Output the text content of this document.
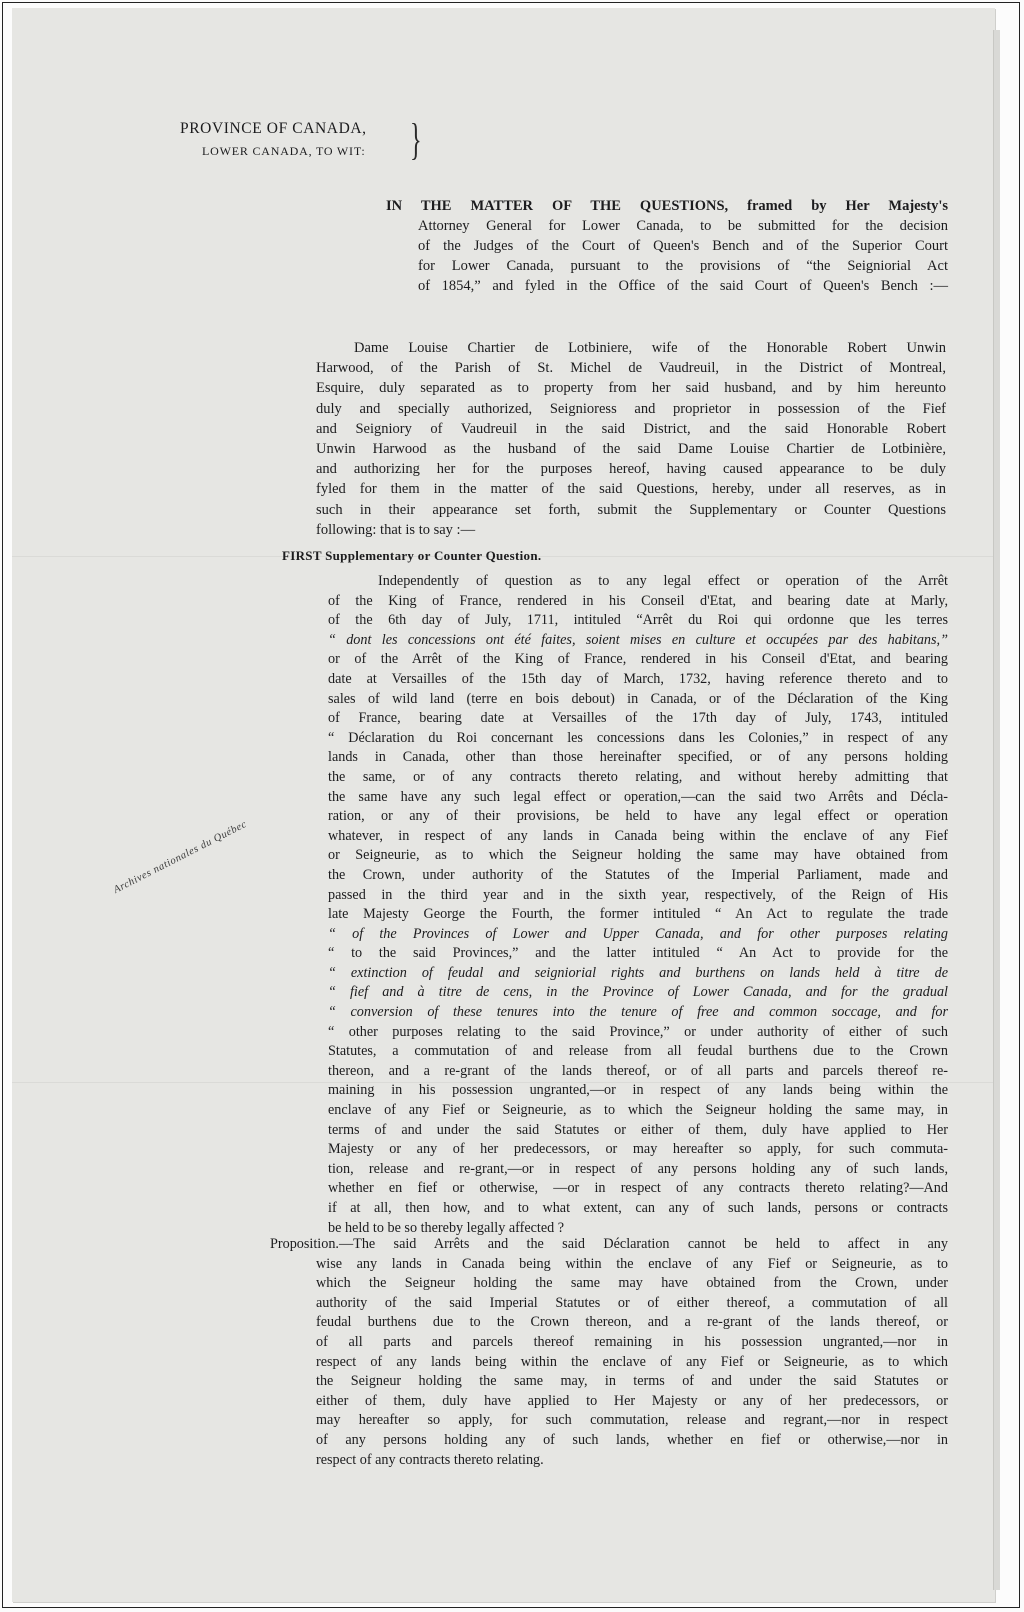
PROVINCE OF CANADA,
LOWER CANADA, TO WIT: }
IN THE MATTER OF THE QUESTIONS, framed by Her Majesty's
Attorney General for Lower Canada, to be submitted for the decision
of the Judges of the Court of Queen's Bench and of the Superior Court
for Lower Canada, pursuant to the provisions of “the Seigniorial Act
of 1854,” and fyled in the Office of the said Court of Queen's Bench :—
Dame Louise Chartier de Lotbiniere, wife of the Honorable Robert Unwin
Harwood, of the Parish of St. Michel de Vaudreuil, in the District of Montreal,
Esquire, duly separated as to property from her said husband, and by him hereunto
duly and specially authorized, Seignioress and proprietor in possession of the Fief
and Seigniory of Vaudreuil in the said District, and the said Honorable Robert
Unwin Harwood as the husband of the said Dame Louise Chartier de Lotbinière,
and authorizing her for the purposes hereof, having caused appearance to be duly
fyled for them in the matter of the said Questions, hereby, under all reserves, as in
such in their appearance set forth, submit the Supplementary or Counter Questions
following: that is to say :—
FIRST Supplementary or Counter Question.
Independently of question as to any legal effect or operation of the Arrêt
of the King of France, rendered in his Conseil d'Etat, and bearing date at Marly,
of the 6th day of July, 1711, intituled “Arrêt du Roi qui ordonne que les terres
“ dont les concessions ont été faites, soient mises en culture et occupées par des habitans,”
or of the Arrêt of the King of France, rendered in his Conseil d'Etat, and bearing
date at Versailles of the 15th day of March, 1732, having reference thereto and to
sales of wild land (terre en bois debout) in Canada, or of the Déclaration of the King
of France, bearing date at Versailles of the 17th day of July, 1743, intituled
“ Déclaration du Roi concernant les concessions dans les Colonies,” in respect of any
lands in Canada, other than those hereinafter specified, or of any persons holding
the same, or of any contracts thereto relating, and without hereby admitting that
the same have any such legal effect or operation,—can the said two Arrêts and Décla-
ration, or any of their provisions, be held to have any legal effect or operation
whatever, in respect of any lands in Canada being within the enclave of any Fief
or Seigneurie, as to which the Seigneur holding the same may have obtained from
the Crown, under authority of the Statutes of the Imperial Parliament, made and
passed in the third year and in the sixth year, respectively, of the Reign of His
late Majesty George the Fourth, the former intituled “ An Act to regulate the trade
“ of the Provinces of Lower and Upper Canada, and for other purposes relating
“ to the said Provinces,” and the latter intituled “ An Act to provide for the
“ extinction of feudal and seigniorial rights and burthens on lands held à titre de
“ fief and à titre de cens, in the Province of Lower Canada, and for the gradual
“ conversion of these tenures into the tenure of free and common soccage, and for
“ other purposes relating to the said Province,” or under authority of either of such
Statutes, a commutation of and release from all feudal burthens due to the Crown
thereon, and a re-grant of the lands thereof, or of all parts and parcels thereof re-
maining in his possession ungranted,—or in respect of any lands being within the
enclave of any Fief or Seigneurie, as to which the Seigneur holding the same may, in
terms of and under the said Statutes or either of them, duly have applied to Her
Majesty or any of her predecessors, or may hereafter so apply, for such commuta-
tion, release and re-grant,—or in respect of any persons holding any of such lands,
whether en fief or otherwise, —or in respect of any contracts thereto relating?—And
if at all, then how, and to what extent, can any of such lands, persons or contracts
be held to be so thereby legally affected ?
Proposition.—The said Arrêts and the said Déclaration cannot be held to affect in any
wise any lands in Canada being within the enclave of any Fief or Seigneurie, as to
which the Seigneur holding the same may have obtained from the Crown, under
authority of the said Imperial Statutes or of either thereof, a commutation of all
feudal burthens due to the Crown thereon, and a re-grant of the lands thereof, or
of all parts and parcels thereof remaining in his possession ungranted,—nor in
respect of any lands being within the enclave of any Fief or Seigneurie, as to which
the Seigneur holding the same may, in terms of and under the said Statutes or
either of them, duly have applied to Her Majesty or any of her predecessors, or
may hereafter so apply, for such commutation, release and regrant,—nor in respect
of any persons holding any of such lands, whether en fief or otherwise,—nor in
respect of any contracts thereto relating.
Archives nationales du Québec
